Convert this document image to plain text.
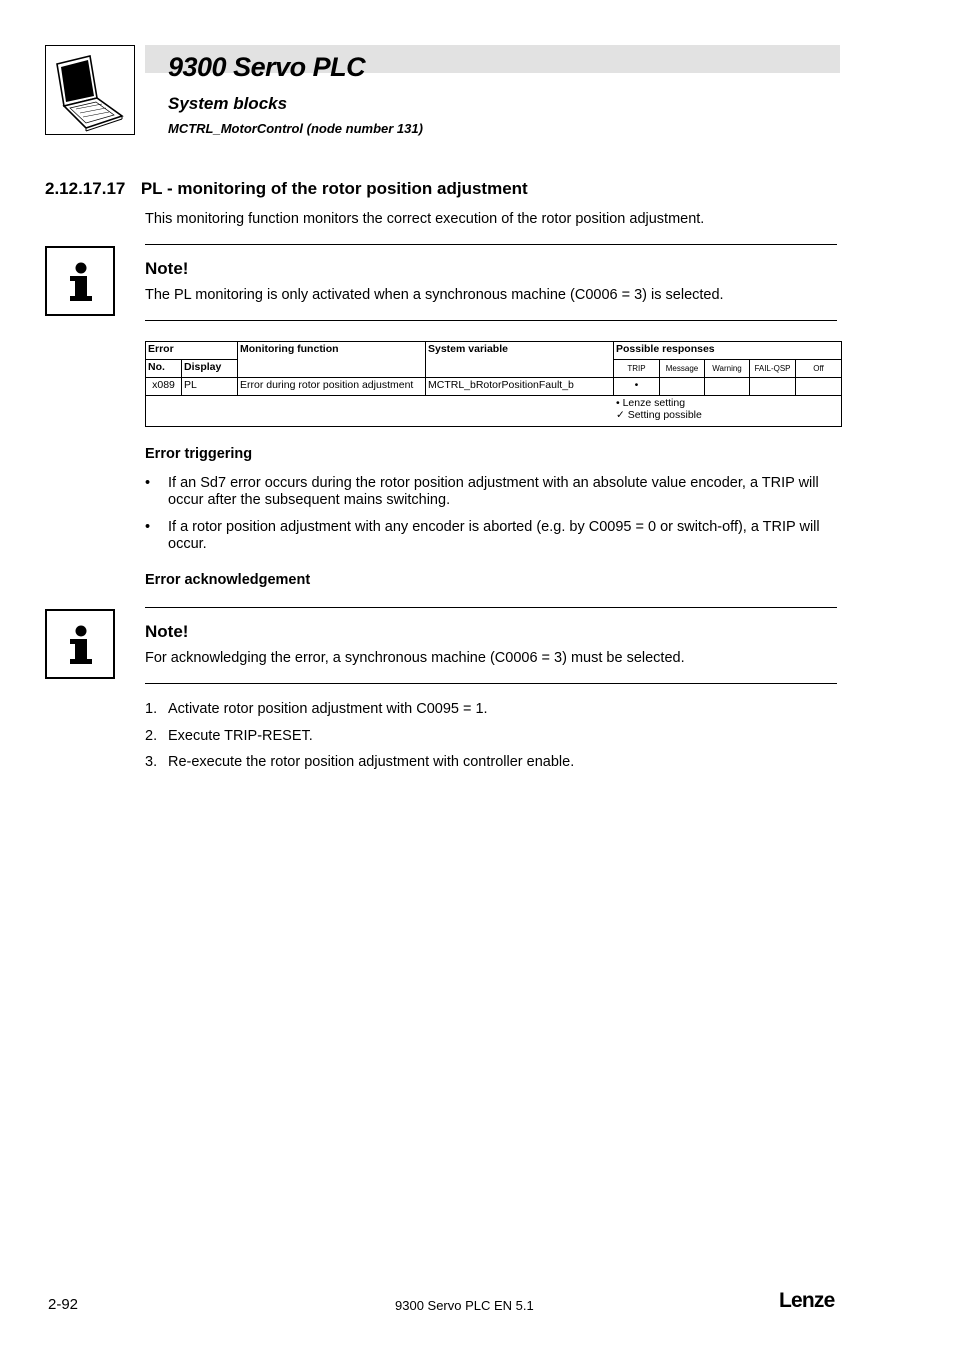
9300 Servo PLC
System blocks
MCTRL_MotorControl (node number 131)
2.12.17.17 PL - monitoring of the rotor position adjustment
This monitoring function monitors the correct execution of the rotor position adjustment.
Note!
The PL monitoring is only activated when a synchronous machine (C0006 = 3) is selected.
Error		Monitoring function	System variable	Possible responses				
No.	Display			TRIP	Message	Warning	FAIL-QSP	Off
x089	PL	Error during rotor position adjustment	MCTRL_bRotorPositionFault_b	•				

• Lenze setting
✓ Setting possible								
Error triggering
• If an Sd7 error occurs during the rotor position adjustment with an absolute value encoder, a TRIP will occur after the subsequent mains switching.
• If a rotor position adjustment with any encoder is aborted (e.g. by C0095 = 0 or switch-off), a TRIP will occur.
Error acknowledgement
Note!
For acknowledging the error, a synchronous machine (C0006 = 3) must be selected.
1. Activate rotor position adjustment with C0095 = 1.
2. Execute TRIP-RESET.
3. Re-execute the rotor position adjustment with controller enable.
2-92	9300 Servo PLC EN 5.1	Lenze
